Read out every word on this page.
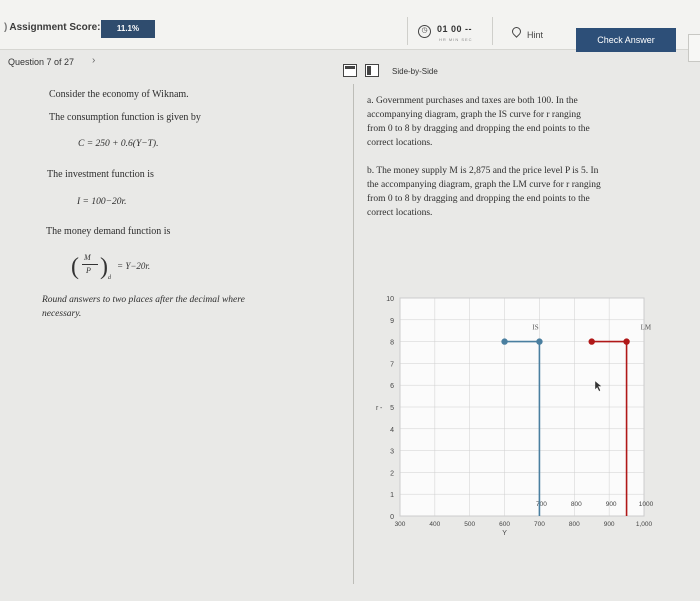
) Assignment Score:	11.1%	◷	01 00 --
HR MIN SEC	Hint	Check Answer
Question 7 of 27 ›
Side-by-Side
Consider the economy of Wiknam.
The consumption function is given by
C = 250 + 0.6(Y−T).
The investment function is
I = 100−20r.
The money demand function is
( M
P ) d
= Y−20r.
Round answers to two places after the decimal where
necessary.
a. Government purchases and taxes are both 100. In the
accompanying diagram, graph the IS curve for r ranging
from 0 to 8 by dragging and dropping the end points to the
correct locations.
b. The money supply M is 2,875 and the price level P is 5. In
the accompanying diagram, graph the LM curve for r ranging
from 0 to 8 by dragging and dropping the end points to the
correct locations.
0
1
2
3
4
5
6
7
8
9
10
r -
300	400	500	600	700	800	900	1,000
Y
700	800	900	1000
IS	LM
